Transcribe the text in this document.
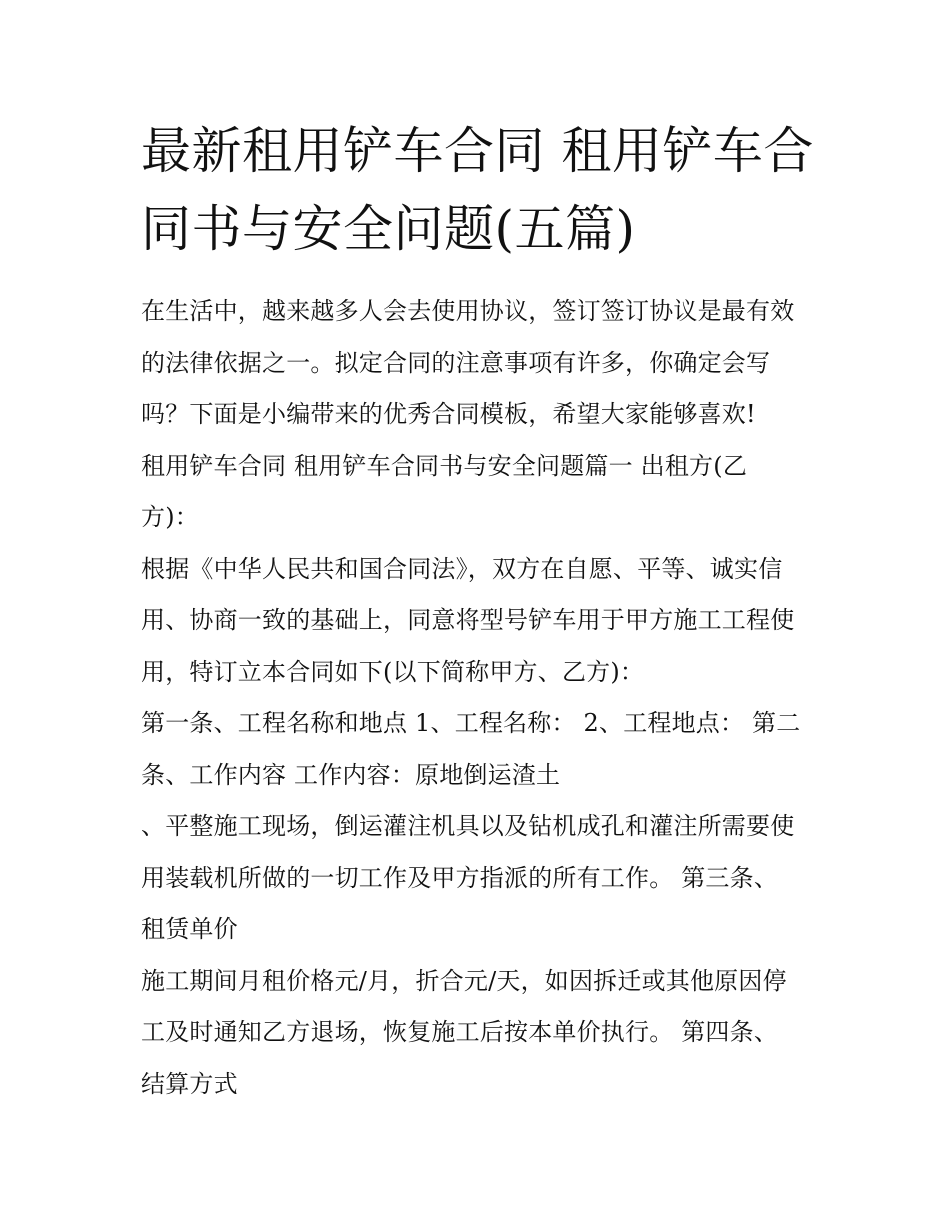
最新租用铲车合同 租用铲车合
同书与安全问题(五篇)
在生活中，越来越多人会去使用协议，签订签订协议是最有效
的法律依据之一。拟定合同的注意事项有许多，你确定会写
吗？下面是小编带来的优秀合同模板，希望大家能够喜欢!
租用铲车合同 租用铲车合同书与安全问题篇一 出租方(乙
方)：
根据《中华人民共和国合同法》，双方在自愿、平等、诚实信
用、协商一致的基础上，同意将型号铲车用于甲方施工工程使
用，特订立本合同如下(以下简称甲方、乙方)：
第一条、工程名称和地点 1、工程名称： 2、工程地点： 第二
条、工作内容 工作内容：原地倒运渣土
、平整施工现场，倒运灌注机具以及钻机成孔和灌注所需要使
用装载机所做的一切工作及甲方指派的所有工作。 第三条、
租赁单价
施工期间月租价格元/月，折合元/天，如因拆迁或其他原因停
工及时通知乙方退场，恢复施工后按本单价执行。 第四条、
结算方式
